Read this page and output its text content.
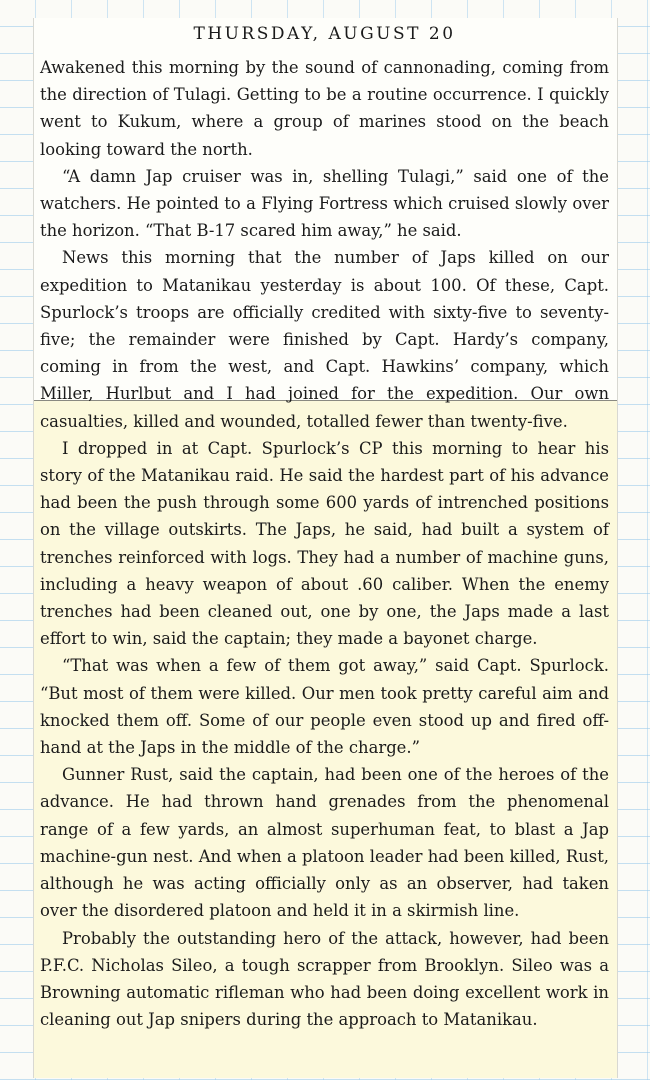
THURSDAY, AUGUST 20

Awakened this morning by the sound of cannonading, coming from the direction of Tulagi. Getting to be a routine occurrence. I quickly went to Kukum, where a group of marines stood on the beach looking toward the north.

“A damn Jap cruiser was in, shelling Tulagi,” said one of the watchers. He pointed to a Flying Fortress which cruised slowly over the horizon. “That B-17 scared him away,” he said.

News this morning that the number of Japs killed on our expedition to Matanikau yesterday is about 100. Of these, Capt. Spurlock’s troops are officially credited with sixty-five to seventy-five; the remainder were finished by Capt. Hardy’s company, coming in from the west, and Capt. Hawkins’ company, which Miller, Hurlbut and I had joined for the expedition. Our own casualties, killed and wounded, totalled fewer than twenty-five.

I dropped in at Capt. Spurlock’s CP this morning to hear his story of the Matanikau raid. He said the hardest part of his advance had been the push through some 600 yards of intrenched positions on the village outskirts. The Japs, he said, had built a system of trenches reinforced with logs. They had a number of machine guns, including a heavy weapon of about .60 caliber. When the enemy trenches had been cleaned out, one by one, the Japs made a last effort to win, said the captain; they made a bayonet charge.

“That was when a few of them got away,” said Capt. Spurlock. “But most of them were killed. Our men took pretty careful aim and knocked them off. Some of our people even stood up and fired off-hand at the Japs in the middle of the charge.”

Gunner Rust, said the captain, had been one of the heroes of the advance. He had thrown hand grenades from the phenomenal range of a few yards, an almost superhuman feat, to blast a Jap machine-gun nest. And when a platoon leader had been killed, Rust, although he was acting officially only as an observer, had taken over the disordered platoon and held it in a skirmish line.

Probably the outstanding hero of the attack, however, had been P.F.C. Nicholas Sileo, a tough scrapper from Brooklyn. Sileo was a Browning automatic rifleman who had been doing excellent work in cleaning out Jap snipers during the approach to Matanikau.
